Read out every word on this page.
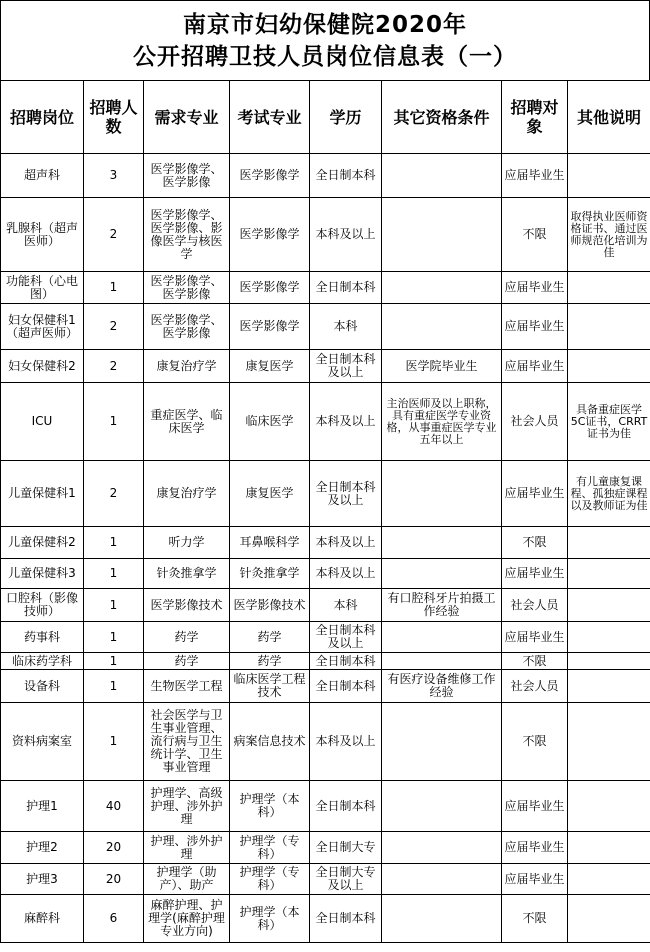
南京市妇幼保健院2020年
公开招聘卫技人员岗位信息表（一）
招聘岗位	招聘人数	需求专业	考试专业	学历	其它资格条件	招聘对象	其他说明
超声科	3	医学影像学、医学影像	医学影像学	全日制本科		应届毕业生	
乳腺科（超声医师）	2	医学影像学、医学影像、影像医学与核医学	医学影像学	本科及以上		不限	取得执业医师资格证书、通过医师规范化培训为佳
功能科（心电图）	1	医学影像学、医学影像	医学影像学	全日制本科		应届毕业生	
妇女保健科1（超声医师）	2	医学影像学、医学影像	医学影像学	本科		应届毕业生	
妇女保健科2	2	康复治疗学	康复医学	全日制本科及以上	医学院毕业生	应届毕业生	
ICU	1	重症医学、临床医学	临床医学	本科及以上	主治医师及以上职称，具有重症医学专业资格，从事重症医学专业五年以上	社会人员	具备重症医学5C证书，CRRT证书为佳
儿童保健科1	2	康复治疗学	康复医学	全日制本科及以上		应届毕业生	有儿童康复课程、孤独症课程以及教师证为佳
儿童保健科2	1	听力学	耳鼻喉科学	本科及以上		不限	
儿童保健科3	1	针灸推拿学	针灸推拿学	本科及以上		应届毕业生	
口腔科（影像技师）	1	医学影像技术	医学影像技术	本科	有口腔科牙片拍摄工作经验	社会人员	
药事科	1	药学	药学	全日制本科及以上		应届毕业生	
临床药学科	1	药学	药学	全日制本科		不限	
设备科	1	生物医学工程	临床医学工程技术	全日制本科	有医疗设备维修工作经验	社会人员	
资料病案室	1	社会医学与卫生事业管理、流行病与卫生统计学、卫生事业管理	病案信息技术	本科及以上		不限	
护理1	40	护理学、高级护理、涉外护理	护理学（本科）	全日制本科		应届毕业生	
护理2	20	护理、涉外护理	护理学（专科）	全日制大专		应届毕业生	
护理3	20	护理学（助产）、助产	护理学（专科）	全日制大专及以上		应届毕业生	
麻醉科	6	麻醉护理、护理学(麻醉护理专业方向)	护理学（本科）	全日制本科		不限	
